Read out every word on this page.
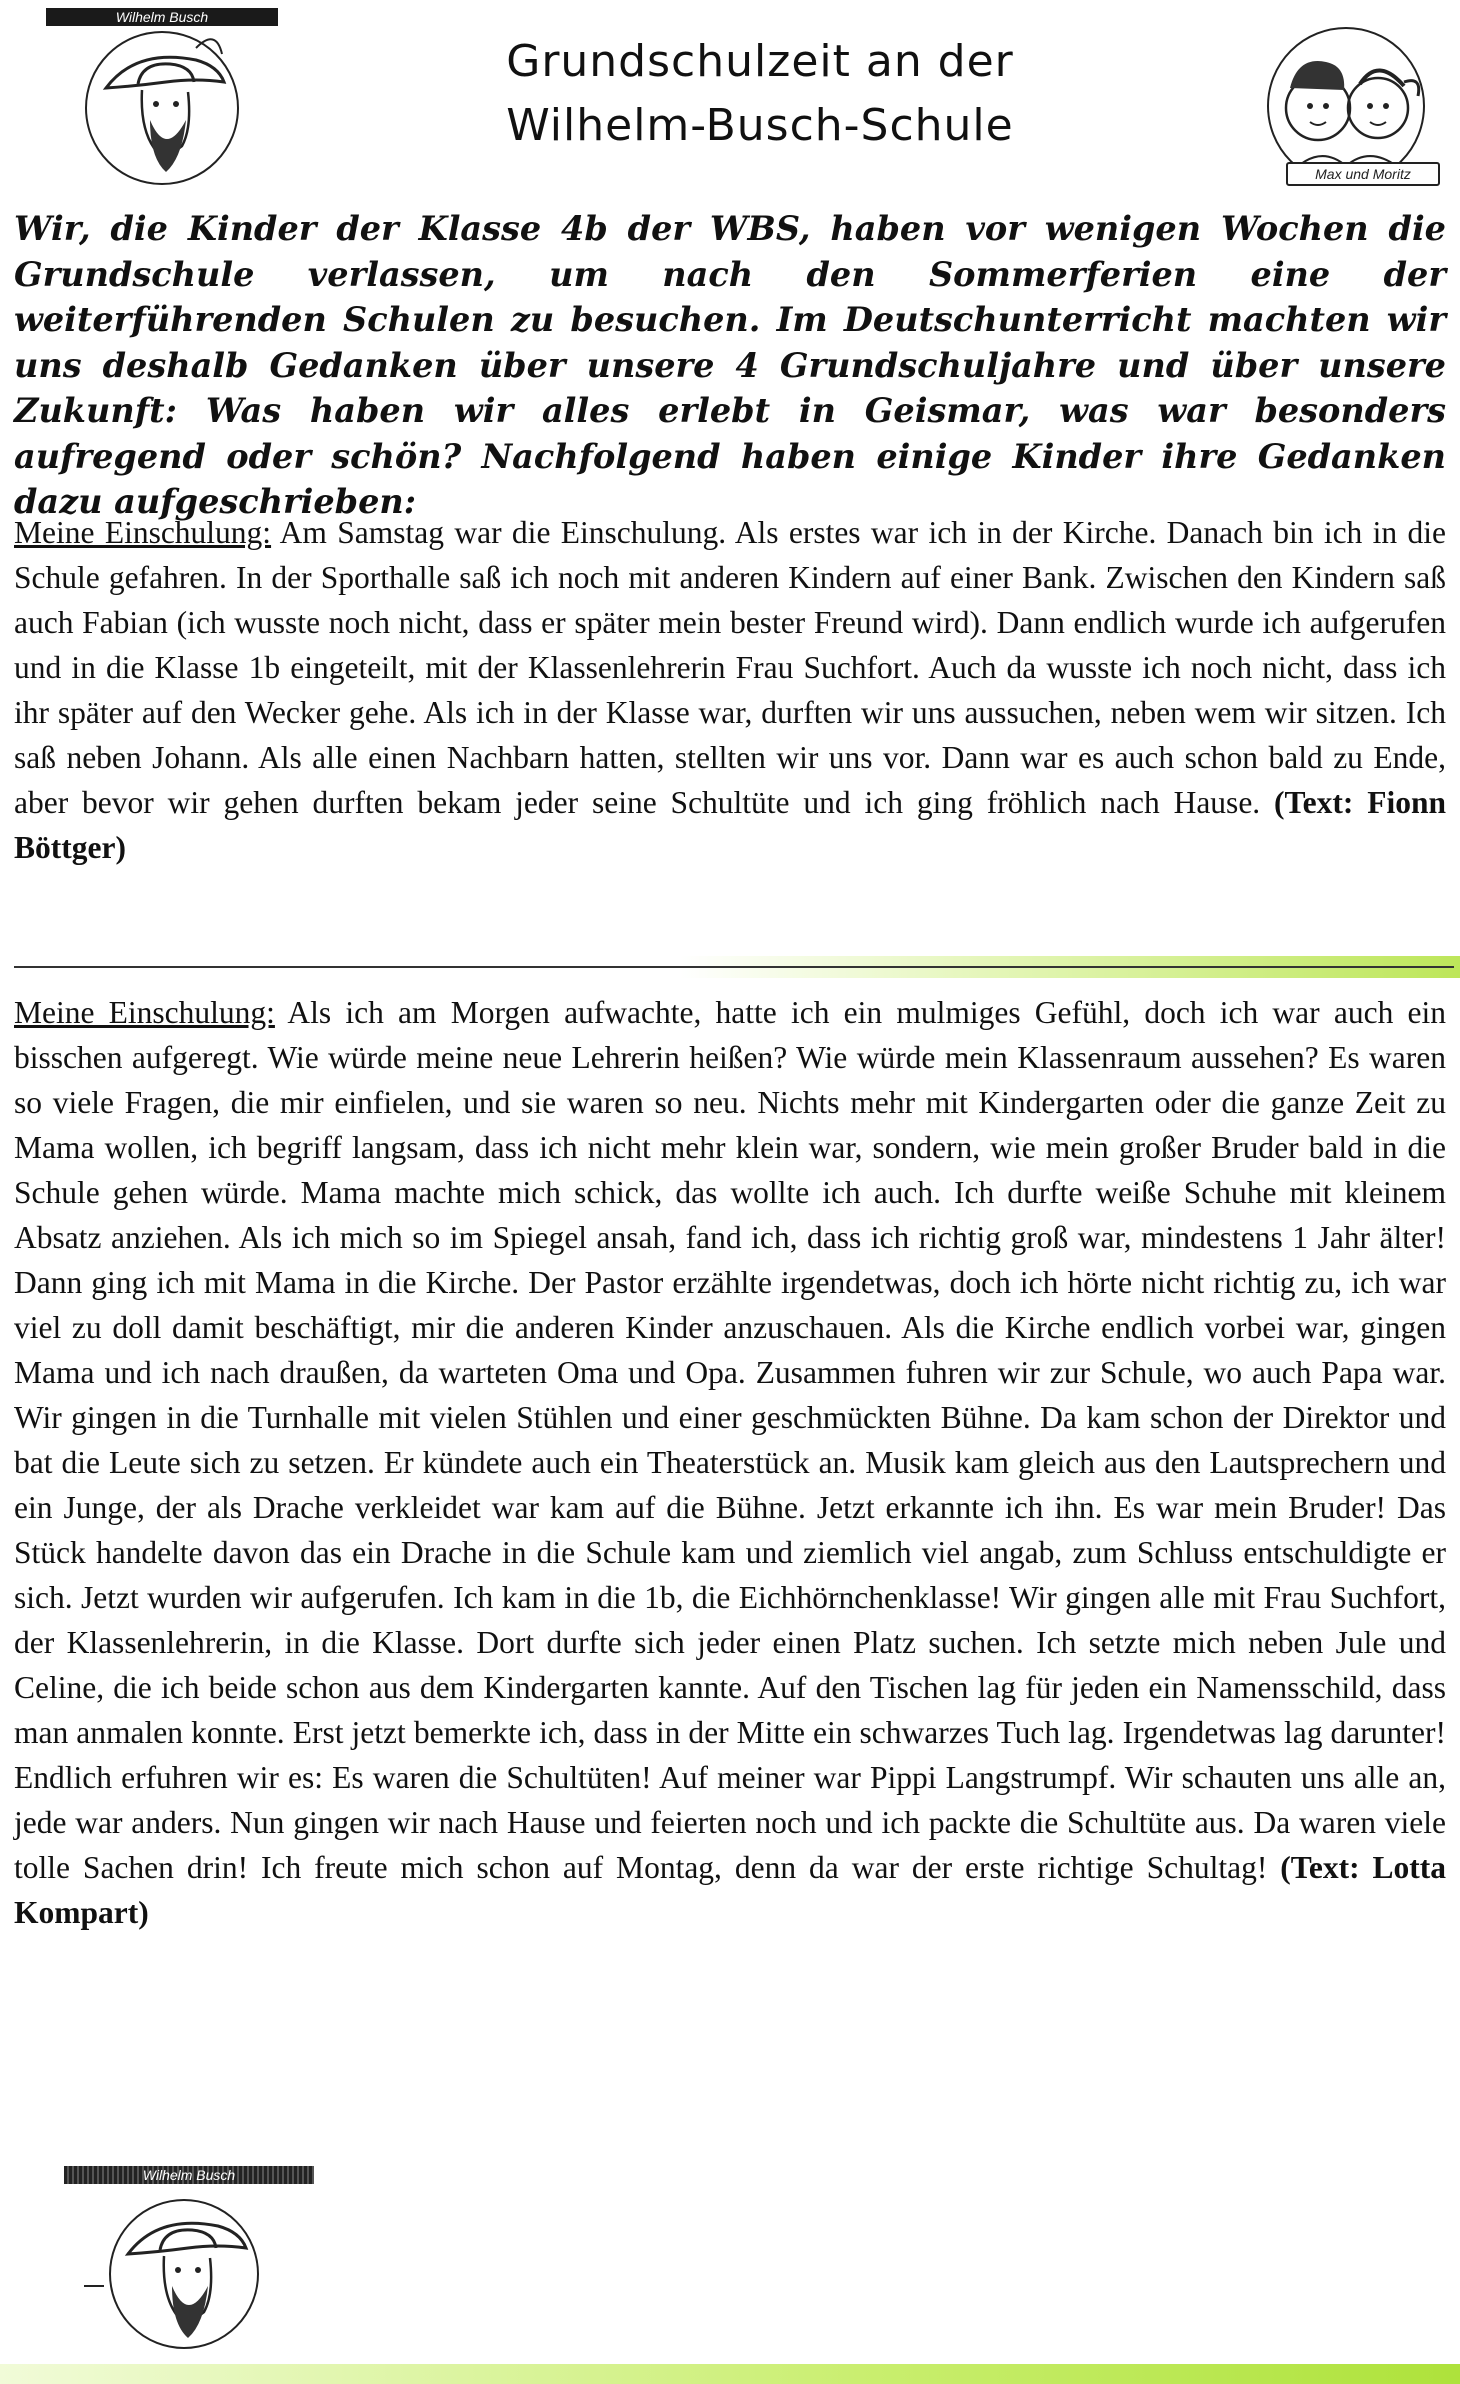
Wilhelm Busch
Grundschulzeit an der
Wilhelm-Busch-Schule
Max und Moritz
Wir, die Kinder der Klasse 4b der WBS, haben vor wenigen Wochen die Grundschule verlassen, um nach den Sommerferien eine der weiterführenden Schulen zu besuchen. Im Deutschunterricht machten wir uns deshalb Gedanken über unsere 4 Grundschuljahre und über unsere Zukunft: Was haben wir alles erlebt in Geismar, was war besonders aufregend oder schön? Nachfolgend haben einige Kinder ihre Gedanken dazu aufgeschrieben:
Meine Einschulung: Am Samstag war die Einschulung. Als erstes war ich in der Kirche. Danach bin ich in die Schule gefahren. In der Sporthalle saß ich noch mit anderen Kindern auf einer Bank. Zwischen den Kindern saß auch Fabian (ich wusste noch nicht, dass er später mein bester Freund wird). Dann endlich wurde ich aufgerufen und in die Klasse 1b eingeteilt, mit der Klassenlehrerin Frau Suchfort. Auch da wusste ich noch nicht, dass ich ihr später auf den Wecker gehe. Als ich in der Klasse war, durften wir uns aussuchen, neben wem wir sitzen. Ich saß neben Johann. Als alle einen Nachbarn hatten, stellten wir uns vor. Dann war es auch schon bald zu Ende, aber bevor wir gehen durften bekam jeder seine Schultüte und ich ging fröhlich nach Hause. (Text: Fionn Böttger)
Meine Einschulung: Als ich am Morgen aufwachte, hatte ich ein mulmiges Gefühl, doch ich war auch ein bisschen aufgeregt. Wie würde meine neue Lehrerin heißen? Wie würde mein Klassenraum aussehen? Es waren so viele Fragen, die mir einfielen, und sie waren so neu. Nichts mehr mit Kindergarten oder die ganze Zeit zu Mama wollen, ich begriff langsam, dass ich nicht mehr klein war, sondern, wie mein großer Bruder bald in die Schule gehen würde. Mama machte mich schick, das wollte ich auch. Ich durfte weiße Schuhe mit kleinem Absatz anziehen. Als ich mich so im Spiegel ansah, fand ich, dass ich richtig groß war, mindestens 1 Jahr älter! Dann ging ich mit Mama in die Kirche. Der Pastor erzählte irgendetwas, doch ich hörte nicht richtig zu, ich war viel zu doll damit beschäftigt, mir die anderen Kinder anzuschauen. Als die Kirche endlich vorbei war, gingen Mama und ich nach draußen, da warteten Oma und Opa. Zusammen fuhren wir zur Schule, wo auch Papa war. Wir gingen in die Turnhalle mit vielen Stühlen und einer geschmückten Bühne. Da kam schon der Direktor und bat die Leute sich zu setzen. Er kündete auch ein Theaterstück an. Musik kam gleich aus den Lautsprechern und ein Junge, der als Drache verkleidet war kam auf die Bühne. Jetzt erkannte ich ihn. Es war mein Bruder! Das Stück handelte davon das ein Drache in die Schule kam und ziemlich viel angab, zum Schluss entschuldigte er sich. Jetzt wurden wir aufgerufen. Ich kam in die 1b, die Eichhörnchenklasse! Wir gingen alle mit Frau Suchfort, der Klassenlehrerin, in die Klasse. Dort durfte sich jeder einen Platz suchen. Ich setzte mich neben Jule und Celine, die ich beide schon aus dem Kindergarten kannte. Auf den Tischen lag für jeden ein Namensschild, dass man anmalen konnte. Erst jetzt bemerkte ich, dass in der Mitte ein schwarzes Tuch lag. Irgendetwas lag darunter! Endlich erfuhren wir es: Es waren die Schultüten! Auf meiner war Pippi Langstrumpf. Wir schauten uns alle an, jede war anders. Nun gingen wir nach Hause und feierten noch und ich packte die Schultüte aus. Da waren viele tolle Sachen drin! Ich freute mich schon auf Montag, denn da war der erste richtige Schultag! (Text: Lotta Kompart)
Wilhelm Busch
